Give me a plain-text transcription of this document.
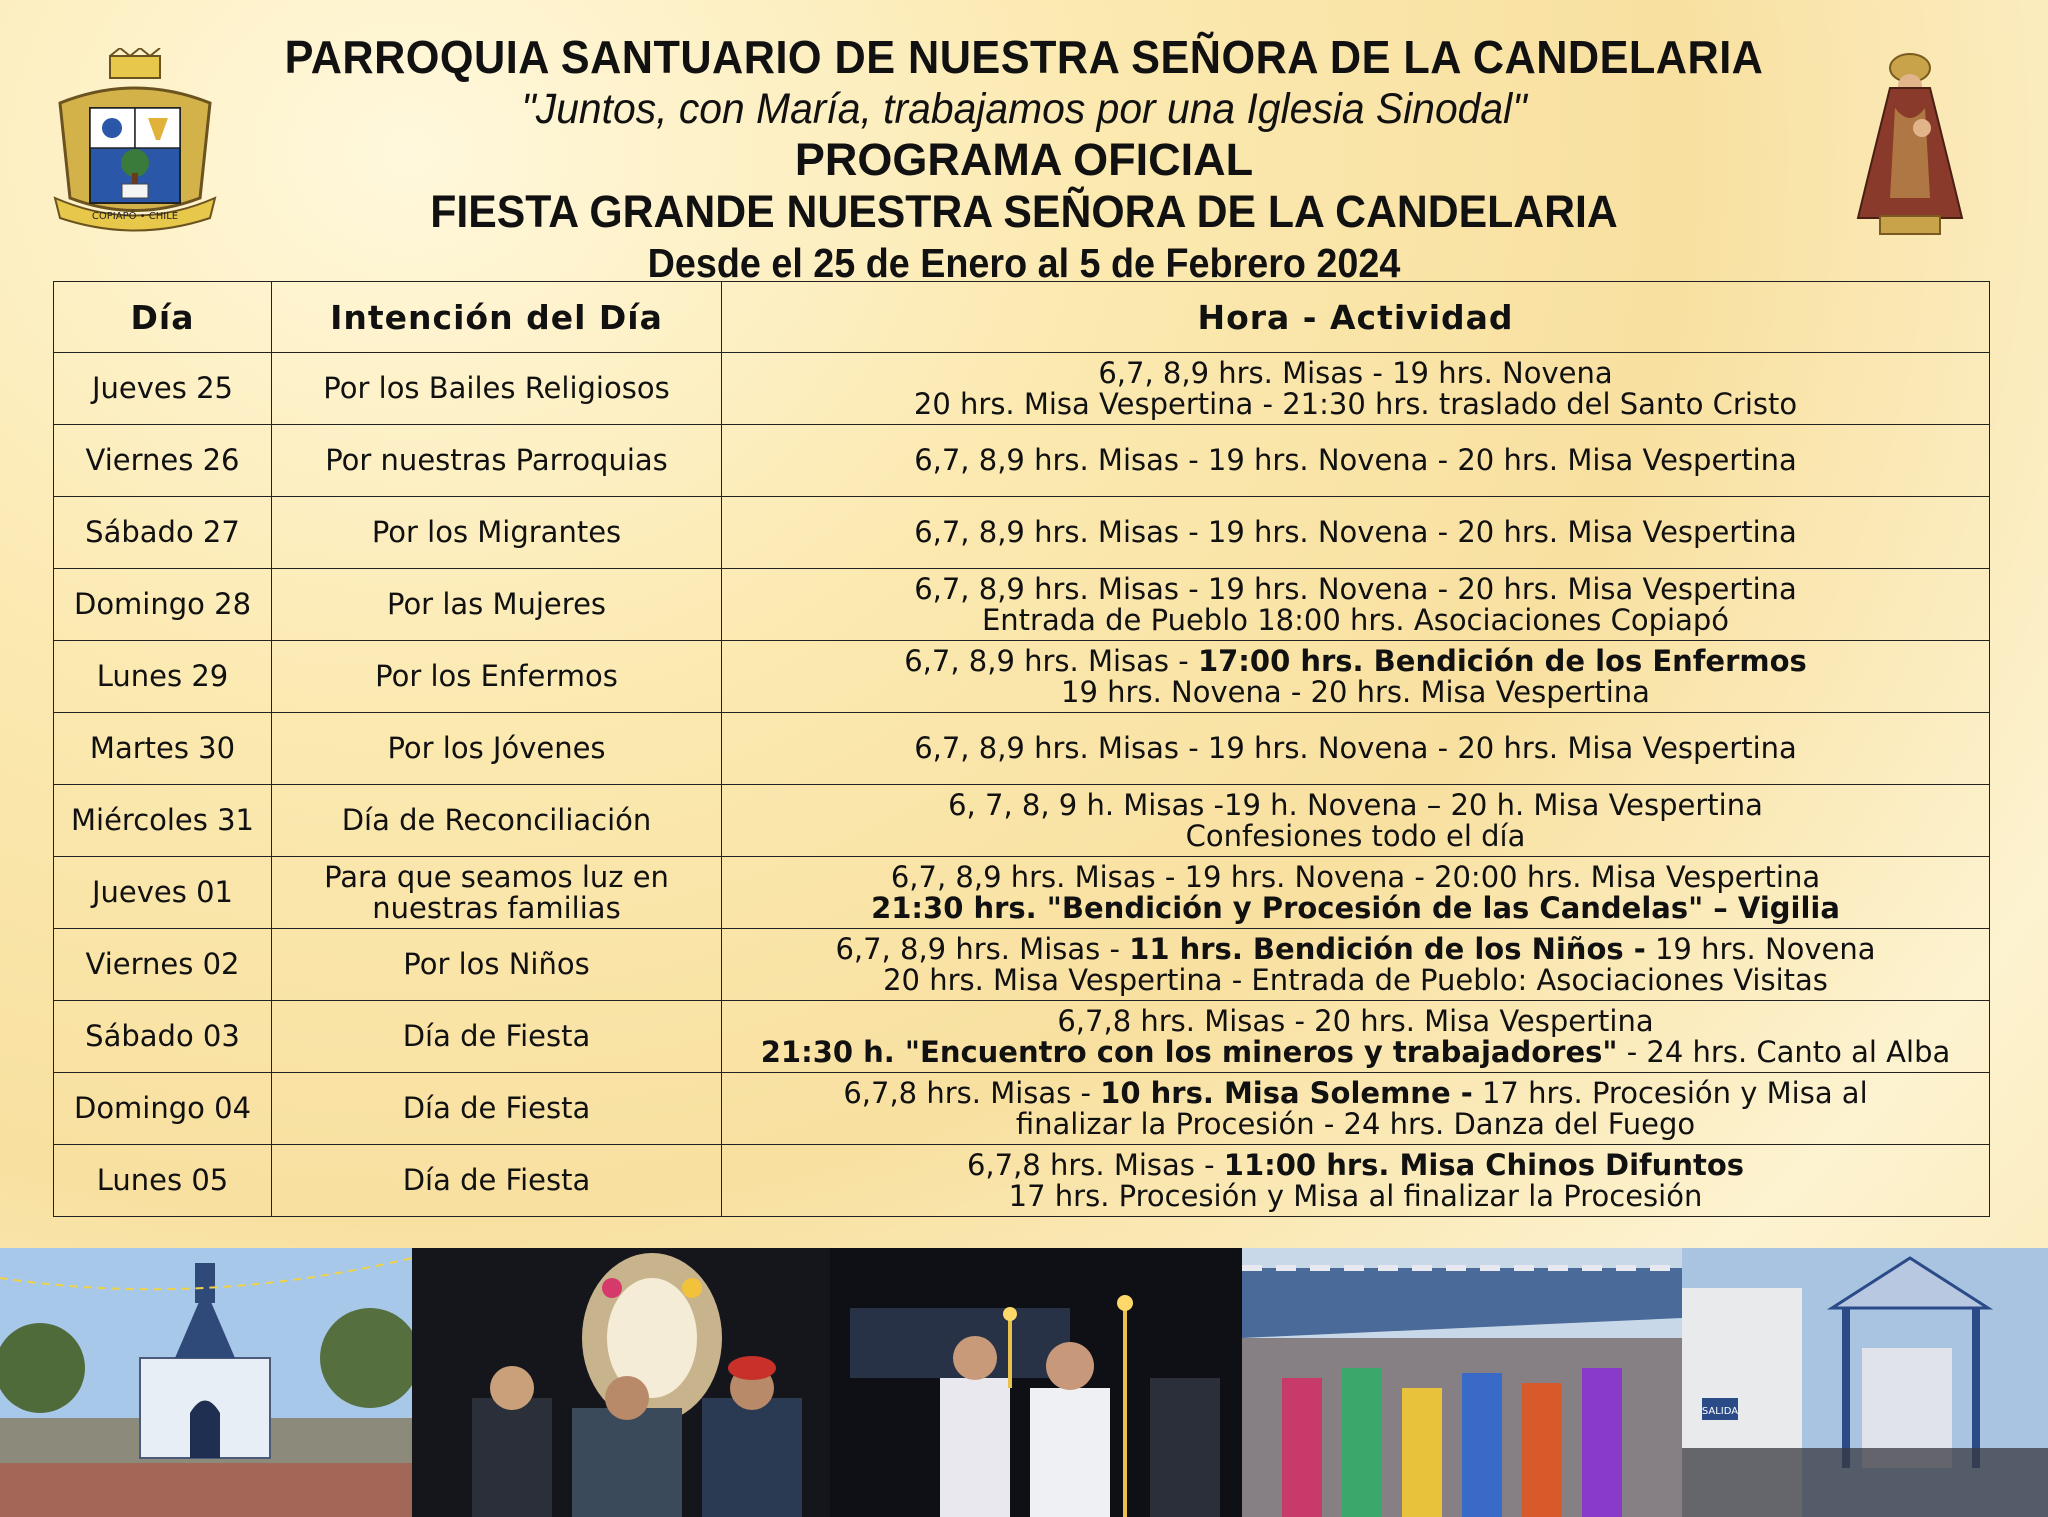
COPIAPÓ • CHILE
PARROQUIA SANTUARIO DE NUESTRA SEÑORA DE LA CANDELARIA
"Juntos, con María, trabajamos por una Iglesia Sinodal"
PROGRAMA OFICIAL
FIESTA GRANDE NUESTRA SEÑORA DE LA CANDELARIA
Desde el 25 de Enero al 5 de Febrero 2024
Día	Intención del Día	Hora - Actividad
Jueves 25	Por los Bailes Religiosos	6,7, 8,9 hrs. Misas - 19 hrs. Novena
20 hrs. Misa Vespertina - 21:30 hrs. traslado del Santo Cristo

Viernes 26	Por nuestras Parroquias	6,7, 8,9 hrs. Misas - 19 hrs. Novena - 20 hrs. Misa Vespertina

Sábado 27	Por los Migrantes	6,7, 8,9 hrs. Misas - 19 hrs. Novena - 20 hrs. Misa Vespertina

Domingo 28	Por las Mujeres	6,7, 8,9 hrs. Misas - 19 hrs. Novena - 20 hrs. Misa Vespertina
Entrada de Pueblo 18:00 hrs. Asociaciones Copiapó

Lunes 29	Por los Enfermos	6,7, 8,9 hrs. Misas - 17:00 hrs. Bendición de los Enfermos
19 hrs. Novena - 20 hrs. Misa Vespertina

Martes 30	Por los Jóvenes	6,7, 8,9 hrs. Misas - 19 hrs. Novena - 20 hrs. Misa Vespertina

Miércoles 31	Día de Reconciliación	6, 7, 8, 9 h. Misas -19 h. Novena – 20 h. Misa Vespertina
Confesiones todo el día

Jueves 01	Para que seamos luz en
nuestras familias	6,7, 8,9 hrs. Misas - 19 hrs. Novena - 20:00 hrs. Misa Vespertina
21:30 hrs. "Bendición y Procesión de las Candelas" – Vigilia

Viernes 02	Por los Niños	6,7, 8,9 hrs. Misas - 11 hrs. Bendición de los Niños - 19 hrs. Novena
20 hrs. Misa Vespertina - Entrada de Pueblo: Asociaciones Visitas

Sábado 03	Día de Fiesta	6,7,8 hrs. Misas - 20 hrs. Misa Vespertina
21:30 h. "Encuentro con los mineros y trabajadores" - 24 hrs. Canto al Alba

Domingo 04	Día de Fiesta	6,7,8 hrs. Misas - 10 hrs. Misa Solemne - 17 hrs. Procesión y Misa al
finalizar la Procesión - 24 hrs. Danza del Fuego

Lunes 05	Día de Fiesta	6,7,8 hrs. Misas - 11:00 hrs. Misa Chinos Difuntos
17 hrs. Procesión y Misa al finalizar la Procesión
SALIDA
